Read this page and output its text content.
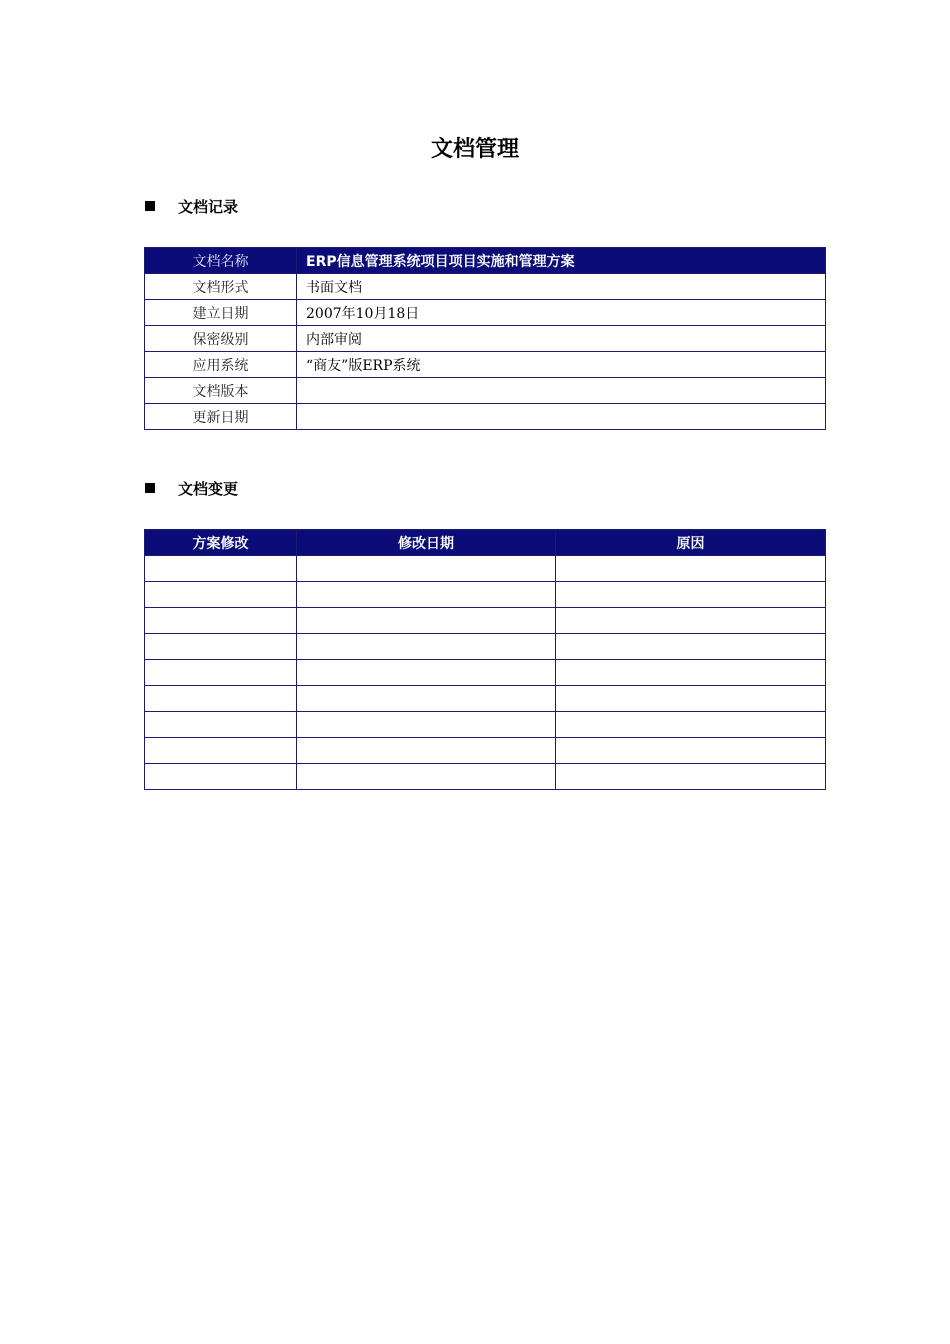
文档管理
文档记录
文档名称	ERP信息管理系统项目项目实施和管理方案
文档形式	书面文档
建立日期	2007年10月18日
保密级别	内部审阅
应用系统	“商友”版ERP系统
文档版本	
更新日期	
文档变更
方案修改	修改日期	原因
